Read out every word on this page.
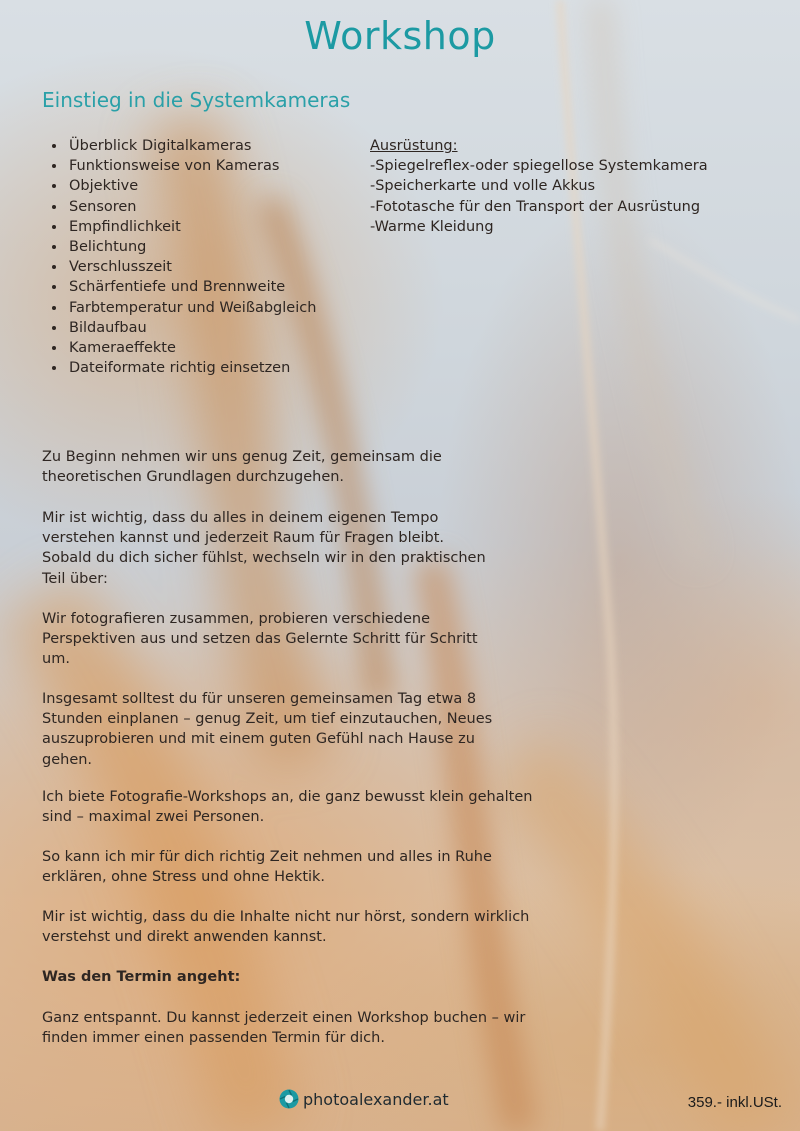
Workshop
Einstieg in die Systemkameras
• Überblick Digitalkameras
• Funktionsweise von Kameras
• Objektive
• Sensoren
• Empfindlichkeit
• Belichtung
• Verschlusszeit
• Schärfentiefe und Brennweite
• Farbtemperatur und Weißabgleich
• Bildaufbau
• Kameraeffekte
• Dateiformate richtig einsetzen
Ausrüstung:
-Spiegelreflex-oder spiegellose Systemkamera
-Speicherkarte und volle Akkus
-Fototasche für den Transport der Ausrüstung
-Warme Kleidung

Zu Beginn nehmen wir uns genug Zeit, gemeinsam die theoretischen Grundlagen durchzugehen.

Mir ist wichtig, dass du alles in deinem eigenen Tempo verstehen kannst und jederzeit Raum für Fragen bleibt. Sobald du dich sicher fühlst, wechseln wir in den praktischen Teil über:

Wir fotografieren zusammen, probieren verschiedene Perspektiven aus und setzen das Gelernte Schritt für Schritt um.

Insgesamt solltest du für unseren gemeinsamen Tag etwa 8 Stunden einplanen – genug Zeit, um tief einzutauchen, Neues auszuprobieren und mit einem guten Gefühl nach Hause zu gehen.

Ich biete Fotografie-Workshops an, die ganz bewusst klein gehalten sind – maximal zwei Personen.

So kann ich mir für dich richtig Zeit nehmen und alles in Ruhe erklären, ohne Stress und ohne Hektik.

Mir ist wichtig, dass du die Inhalte nicht nur hörst, sondern wirklich verstehst und direkt anwenden kannst.

Was den Termin angeht:

Ganz entspannt. Du kannst jederzeit einen Workshop buchen – wir finden immer einen passenden Termin für dich.

photoalexander.at	359.- inkl.USt.
